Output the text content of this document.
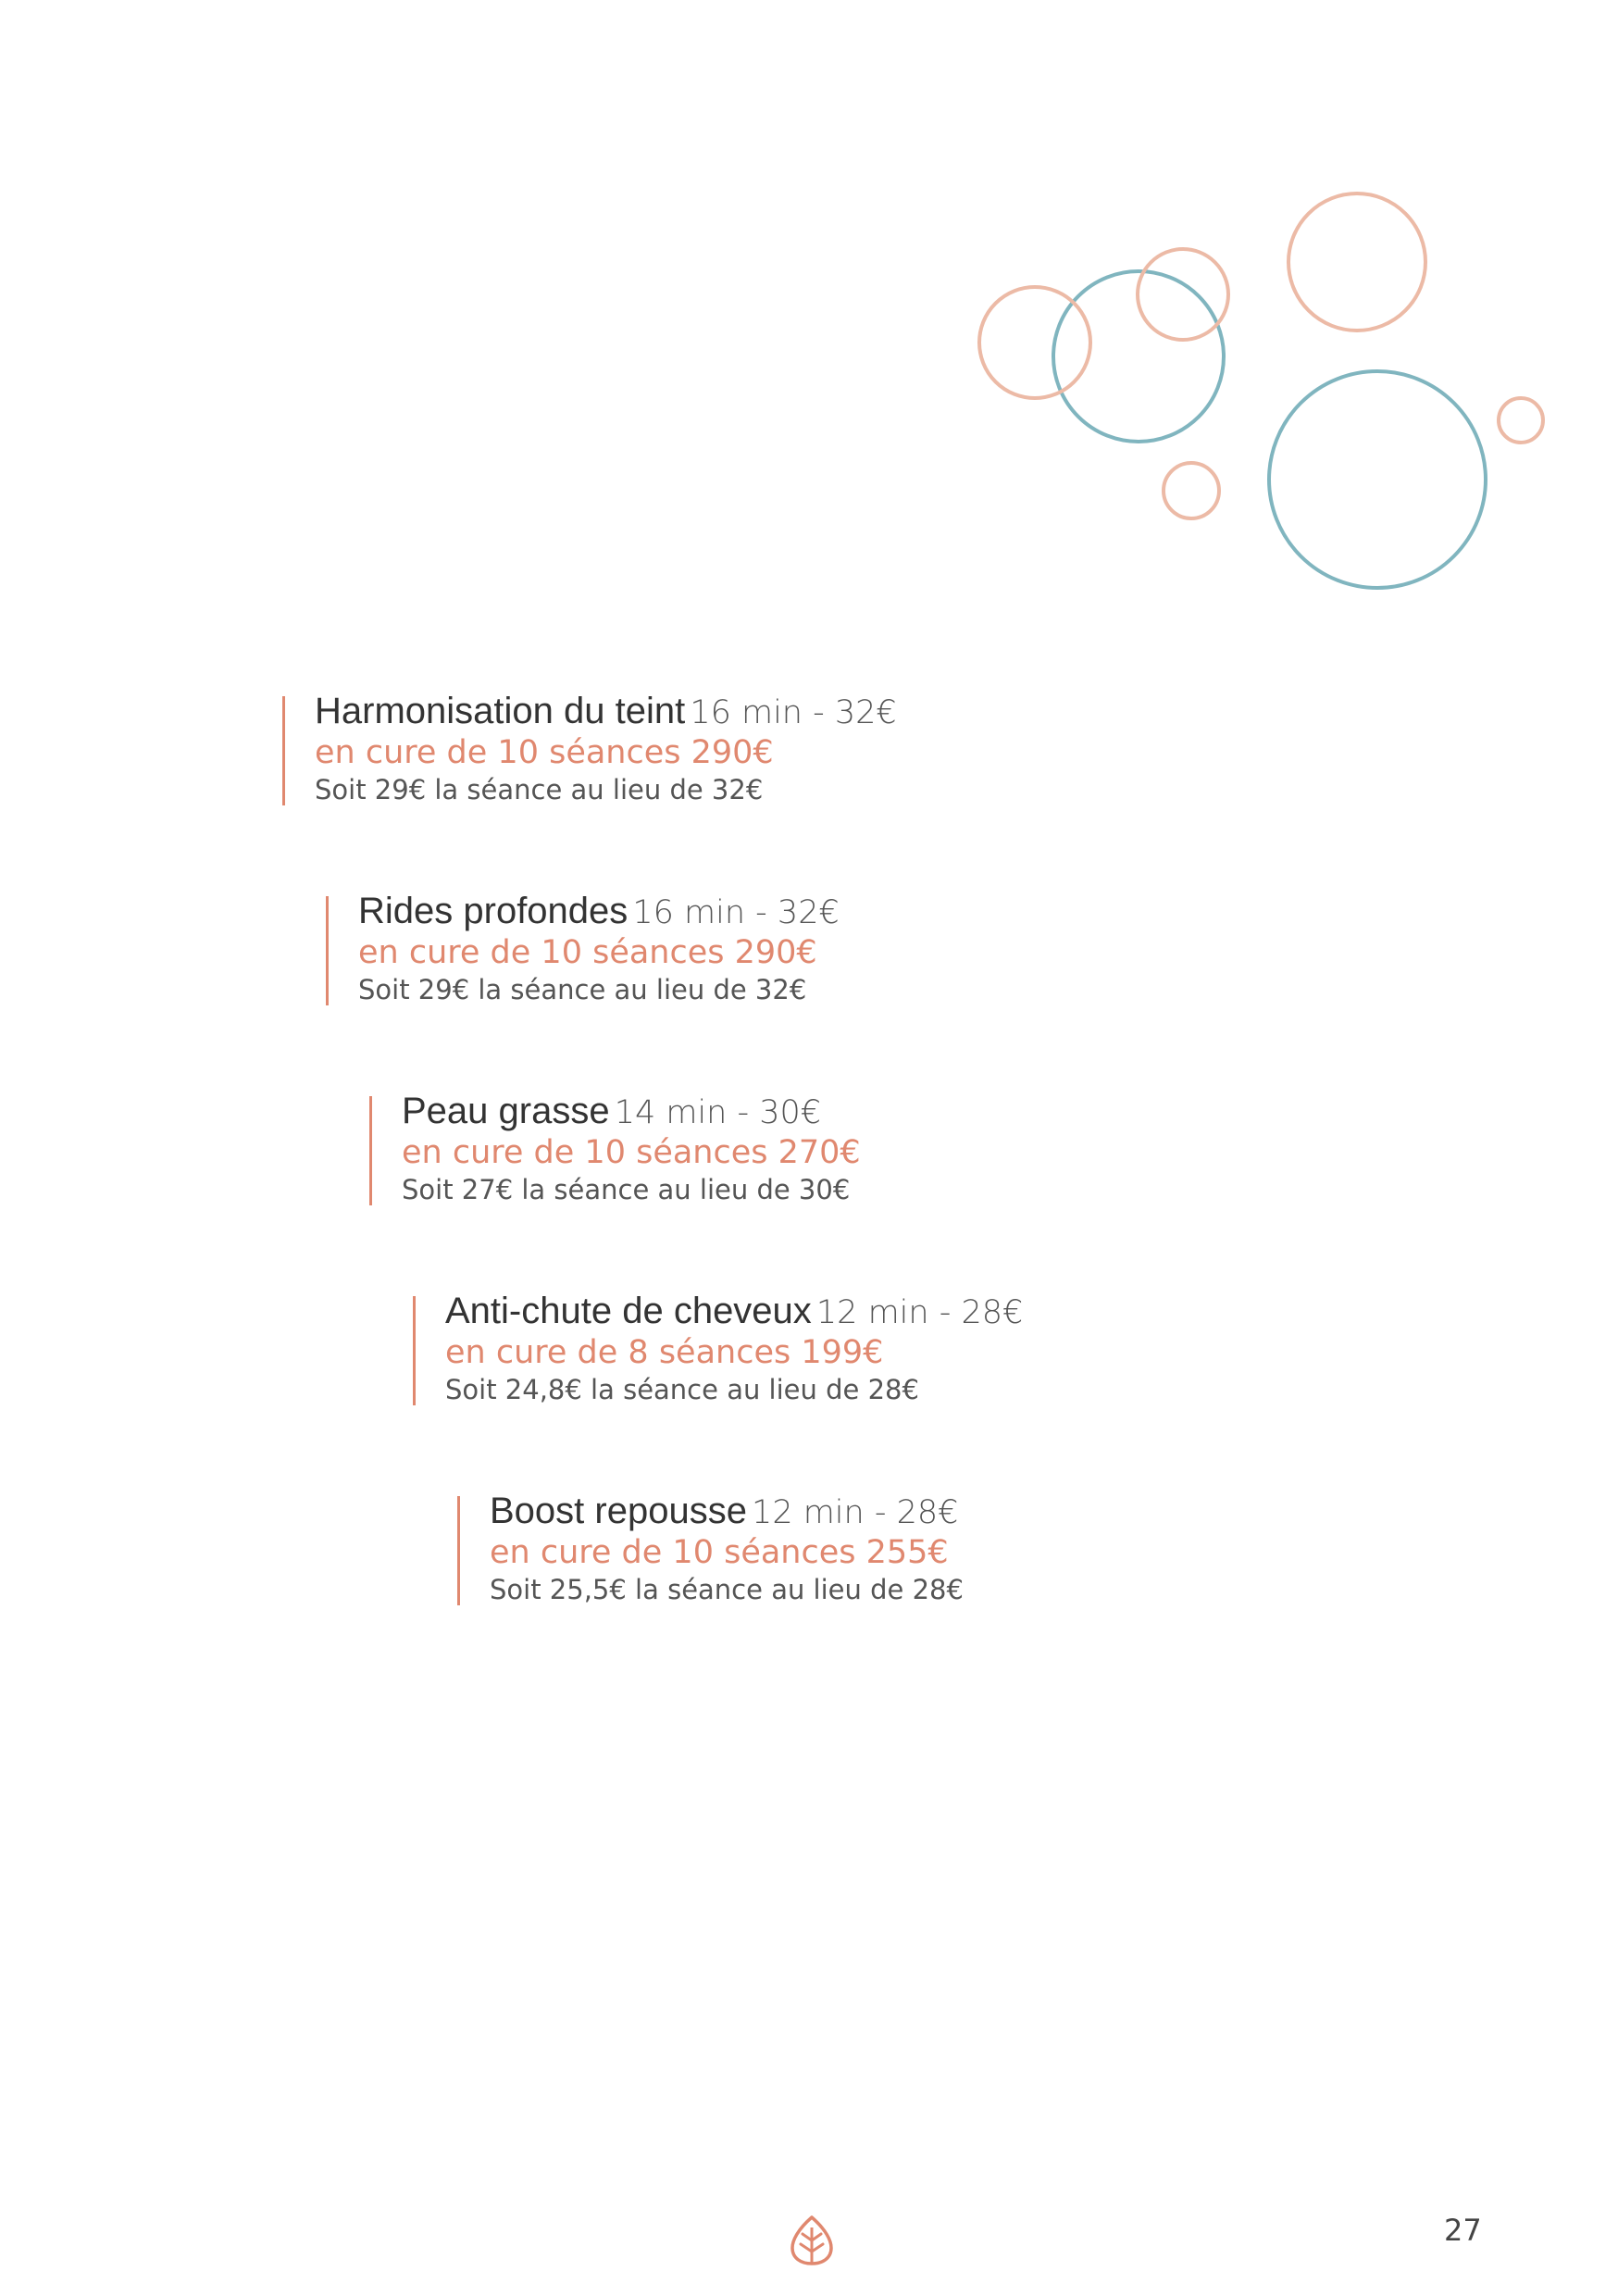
Harmonisation du teint 16 min - 32€
en cure de 10 séances 290€
Soit 29€ la séance au lieu de 32€
Rides profondes 16 min - 32€
en cure de 10 séances 290€
Soit 29€ la séance au lieu de 32€
Peau grasse 14 min - 30€
en cure de 10 séances 270€
Soit 27€ la séance au lieu de 30€
Anti-chute de cheveux 12 min - 28€
en cure de 8 séances 199€
Soit 24,8€ la séance au lieu de 28€
Boost repousse 12 min - 28€
en cure de 10 séances 255€
Soit 25,5€ la séance au lieu de 28€
27
